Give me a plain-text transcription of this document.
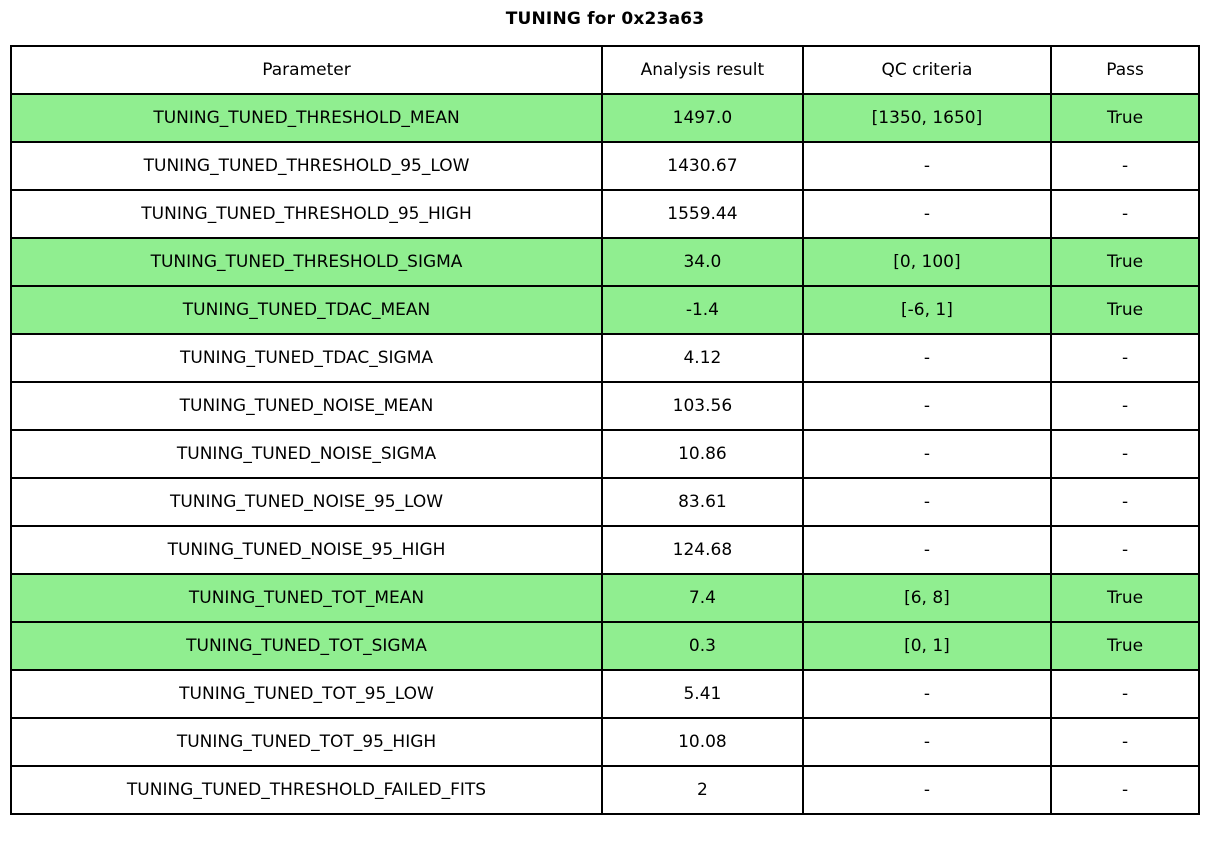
TUNING for 0x23a63
Parameter	Analysis result	QC criteria	Pass
TUNING_TUNED_THRESHOLD_MEAN	1497.0	[1350, 1650]	True
TUNING_TUNED_THRESHOLD_95_LOW	1430.67	-	-
TUNING_TUNED_THRESHOLD_95_HIGH	1559.44	-	-
TUNING_TUNED_THRESHOLD_SIGMA	34.0	[0, 100]	True
TUNING_TUNED_TDAC_MEAN	-1.4	[-6, 1]	True
TUNING_TUNED_TDAC_SIGMA	4.12	-	-
TUNING_TUNED_NOISE_MEAN	103.56	-	-
TUNING_TUNED_NOISE_SIGMA	10.86	-	-
TUNING_TUNED_NOISE_95_LOW	83.61	-	-
TUNING_TUNED_NOISE_95_HIGH	124.68	-	-
TUNING_TUNED_TOT_MEAN	7.4	[6, 8]	True
TUNING_TUNED_TOT_SIGMA	0.3	[0, 1]	True
TUNING_TUNED_TOT_95_LOW	5.41	-	-
TUNING_TUNED_TOT_95_HIGH	10.08	-	-
TUNING_TUNED_THRESHOLD_FAILED_FITS	2	-	-
